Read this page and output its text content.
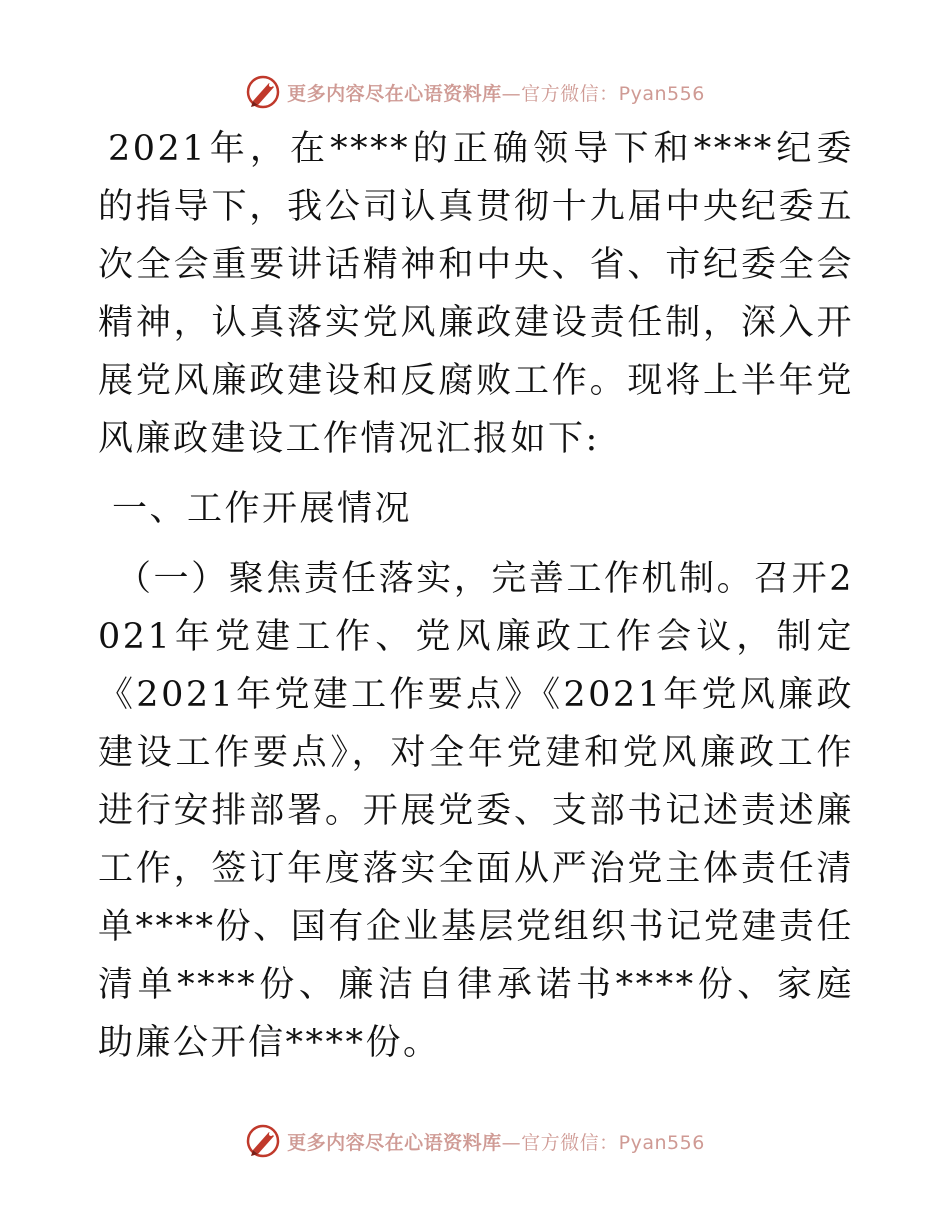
更多内容尽在心语资料库—官方微信：Pyan556

2021年，在****的正确领导下和****纪委的指导下，我公司认真贯彻十九届中央纪委五次全会重要讲话精神和中央、省、市纪委全会精神，认真落实党风廉政建设责任制，深入开展党风廉政建设和反腐败工作。现将上半年党风廉政建设工作情况汇报如下:

一、工作开展情况

（一）聚焦责任落实，完善工作机制。召开2021年党建工作、党风廉政工作会议，制定《2021年党建工作要点》《2021年党风廉政建设工作要点》，对全年党建和党风廉政工作进行安排部署。开展党委、支部书记述责述廉工作，签订年度落实全面从严治党主体责任清单****份、国有企业基层党组织书记党建责任清单****份、廉洁自律承诺书****份、家庭助廉公开信****份。

更多内容尽在心语资料库—官方微信：Pyan556
